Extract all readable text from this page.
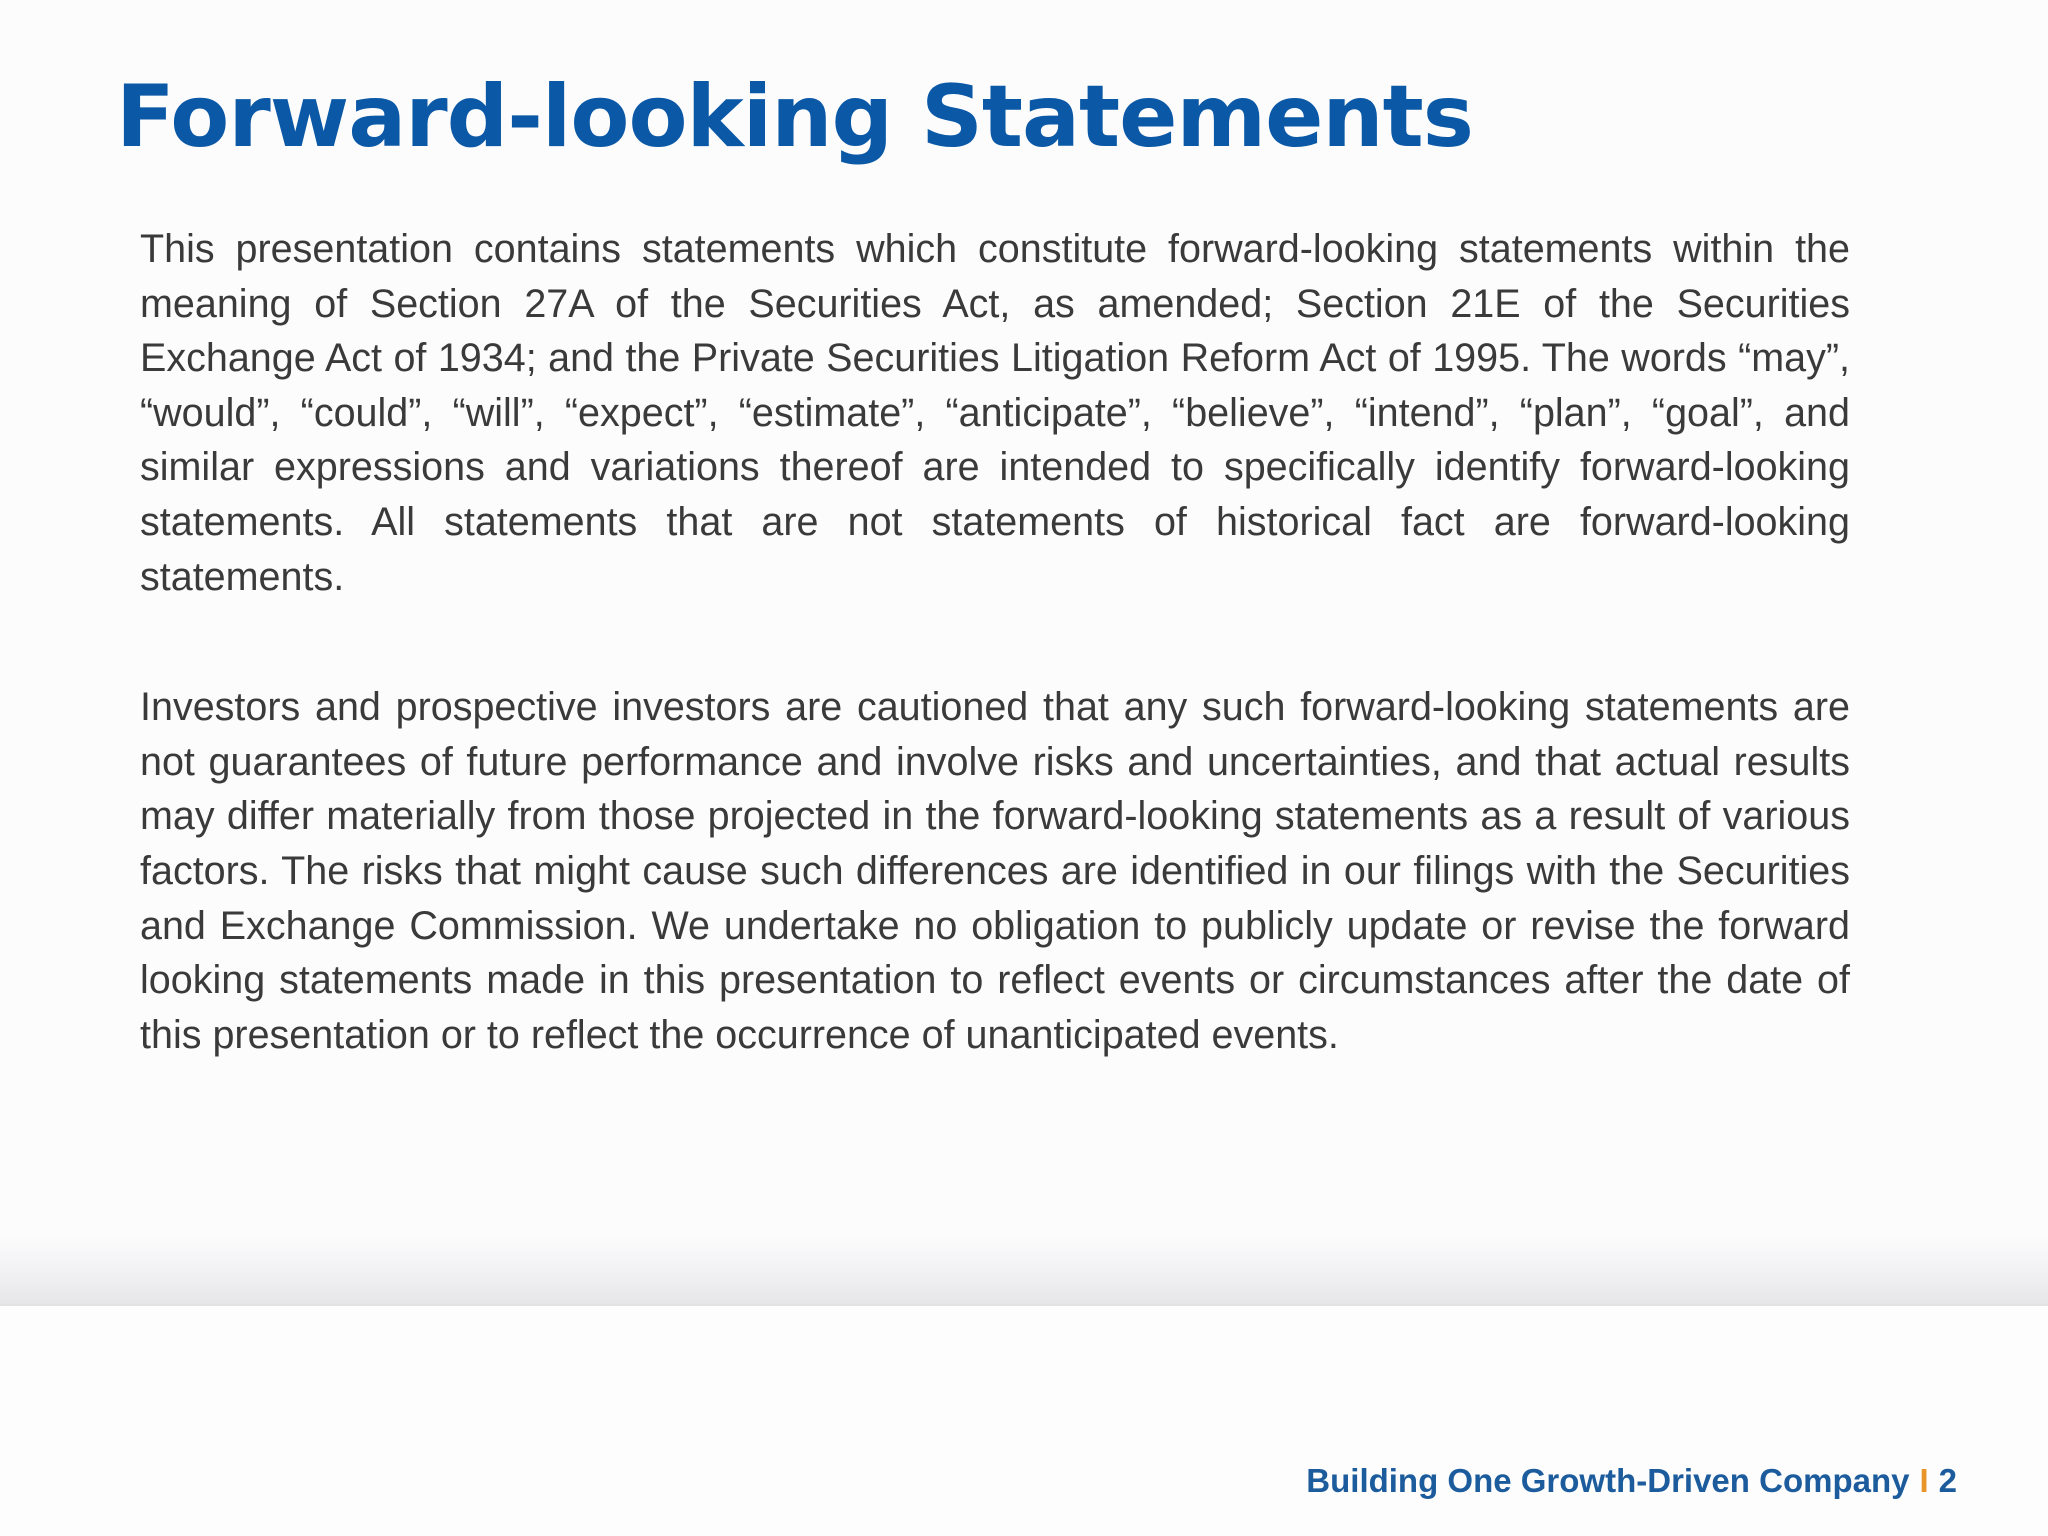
Forward-looking Statements

This presentation contains statements which constitute forward-looking statements within the meaning of Section 27A of the Securities Act, as amended; Section 21E of the Securities Exchange Act of 1934; and the Private Securities Litigation Reform Act of 1995. The words “may”, “would”, “could”, “will”, “expect”, “estimate”, “anticipate”, “believe”, “intend”, “plan”, “goal”, and similar expressions and variations thereof are intended to specifically identify forward-looking statements. All statements that are not statements of historical fact are forward-looking statements.

Investors and prospective investors are cautioned that any such forward-looking statements are not guarantees of future performance and involve risks and uncertainties, and that actual results may differ materially from those projected in the forward-looking statements as a result of various factors. The risks that might cause such differences are identified in our filings with the Securities and Exchange Commission. We undertake no obligation to publicly update or revise the forward looking statements made in this presentation to reflect events or circumstances after the date of this presentation or to reflect the occurrence of unanticipated events.

Building One Growth-Driven Company I 2
